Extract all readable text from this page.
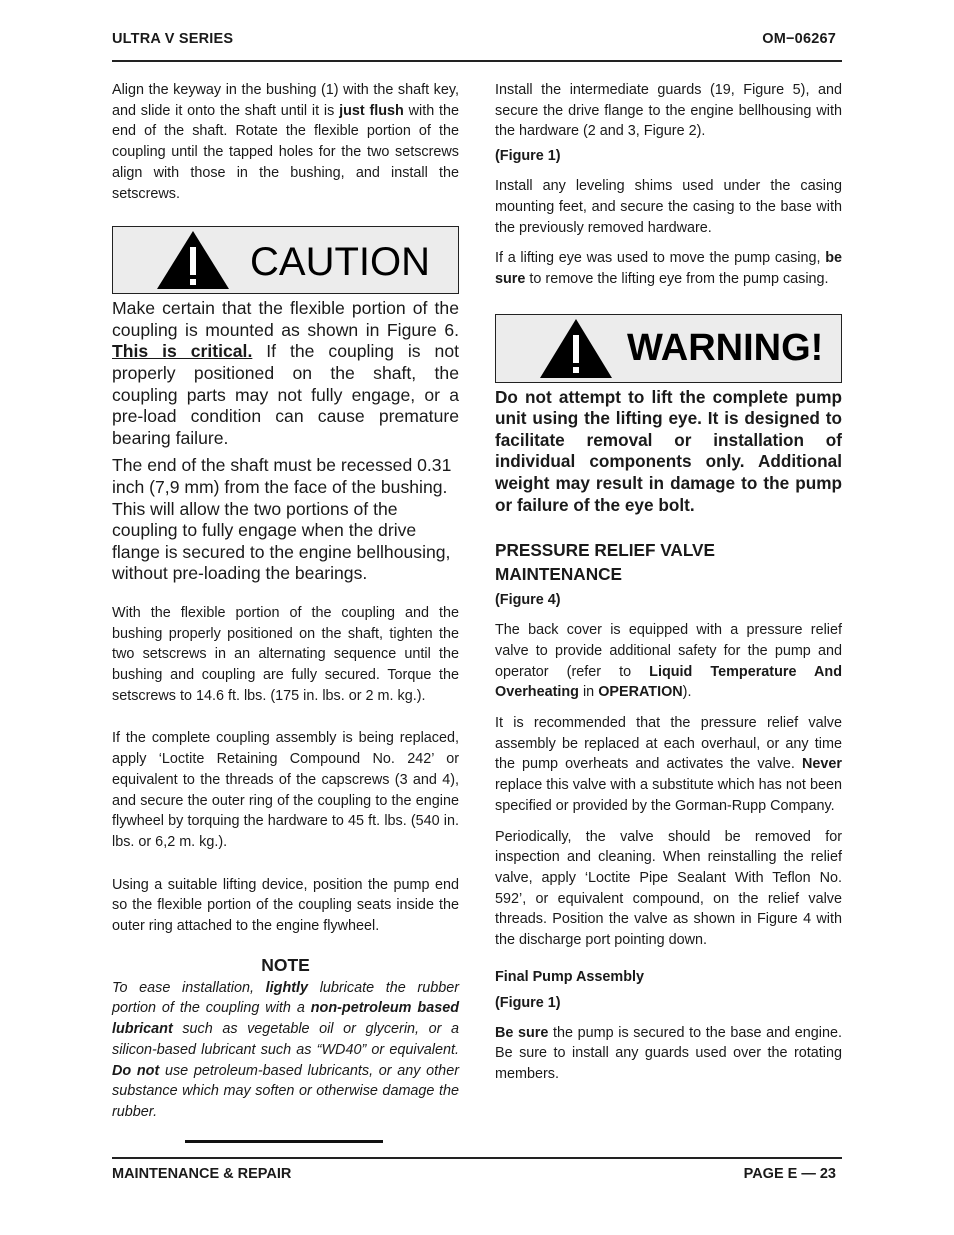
ULTRA V SERIES	OM−06267

Align the keyway in the bushing (1) with the shaft key, and slide it onto the shaft until it is just flush with the end of the shaft. Rotate the flexible portion of the coupling until the tapped holes for the two setscrews align with those in the bushing, and install the setscrews.

CAUTION

Make certain that the flexible portion of the coupling is mounted as shown in Figure 6. This is critical. If the coupling is not properly positioned on the shaft, the coupling parts may not fully engage, or a pre-load condition can cause premature bearing failure.

The end of the shaft must be recessed 0.31 inch (7,9 mm) from the face of the bushing. This will allow the two portions of the coupling to fully engage when the drive flange is secured to the engine bellhousing, without pre-loading the bearings.

With the flexible portion of the coupling and the bushing properly positioned on the shaft, tighten the two setscrews in an alternating sequence until the bushing and coupling are fully secured. Torque the setscrews to 14.6 ft. lbs. (175 in. lbs. or 2 m. kg.).

If the complete coupling assembly is being replaced, apply ‘Loctite Retaining Compound No. 242’ or equivalent to the threads of the capscrews (3 and 4), and secure the outer ring of the coupling to the engine flywheel by torquing the hardware to 45 ft. lbs. (540 in. lbs. or 6,2 m. kg.).

Using a suitable lifting device, position the pump end so the flexible portion of the coupling seats inside the outer ring attached to the engine flywheel.

NOTE

To ease installation, lightly lubricate the rubber portion of the coupling with a non-petroleum based lubricant such as vegetable oil or glycerin, or a silicon-based lubricant such as “WD40” or equivalent. Do not use petroleum-based lubricants, or any other substance which may soften or otherwise damage the rubber.

Install the intermediate guards (19, Figure 5), and secure the drive flange to the engine bellhousing with the hardware (2 and 3, Figure 2).

(Figure 1)

Install any leveling shims used under the casing mounting feet, and secure the casing to the base with the previously removed hardware.

If a lifting eye was used to move the pump casing, be sure to remove the lifting eye from the pump casing.

WARNING!

Do not attempt to lift the complete pump unit using the lifting eye. It is designed to facilitate removal or installation of individual components only. Additional weight may result in damage to the pump or failure of the eye bolt.

PRESSURE RELIEF VALVE MAINTENANCE
(Figure 4)

The back cover is equipped with a pressure relief valve to provide additional safety for the pump and operator (refer to Liquid Temperature And Overheating in OPERATION).

It is recommended that the pressure relief valve assembly be replaced at each overhaul, or any time the pump overheats and activates the valve. Never replace this valve with a substitute which has not been specified or provided by the Gorman-Rupp Company.

Periodically, the valve should be removed for inspection and cleaning. When reinstalling the relief valve, apply ‘Loctite Pipe Sealant With Teflon No. 592’, or equivalent compound, on the relief valve threads. Position the valve as shown in Figure 4 with the discharge port pointing down.

Final Pump Assembly
(Figure 1)

Be sure the pump is secured to the base and engine. Be sure to install any guards used over the rotating members.

MAINTENANCE & REPAIR	PAGE E — 23
